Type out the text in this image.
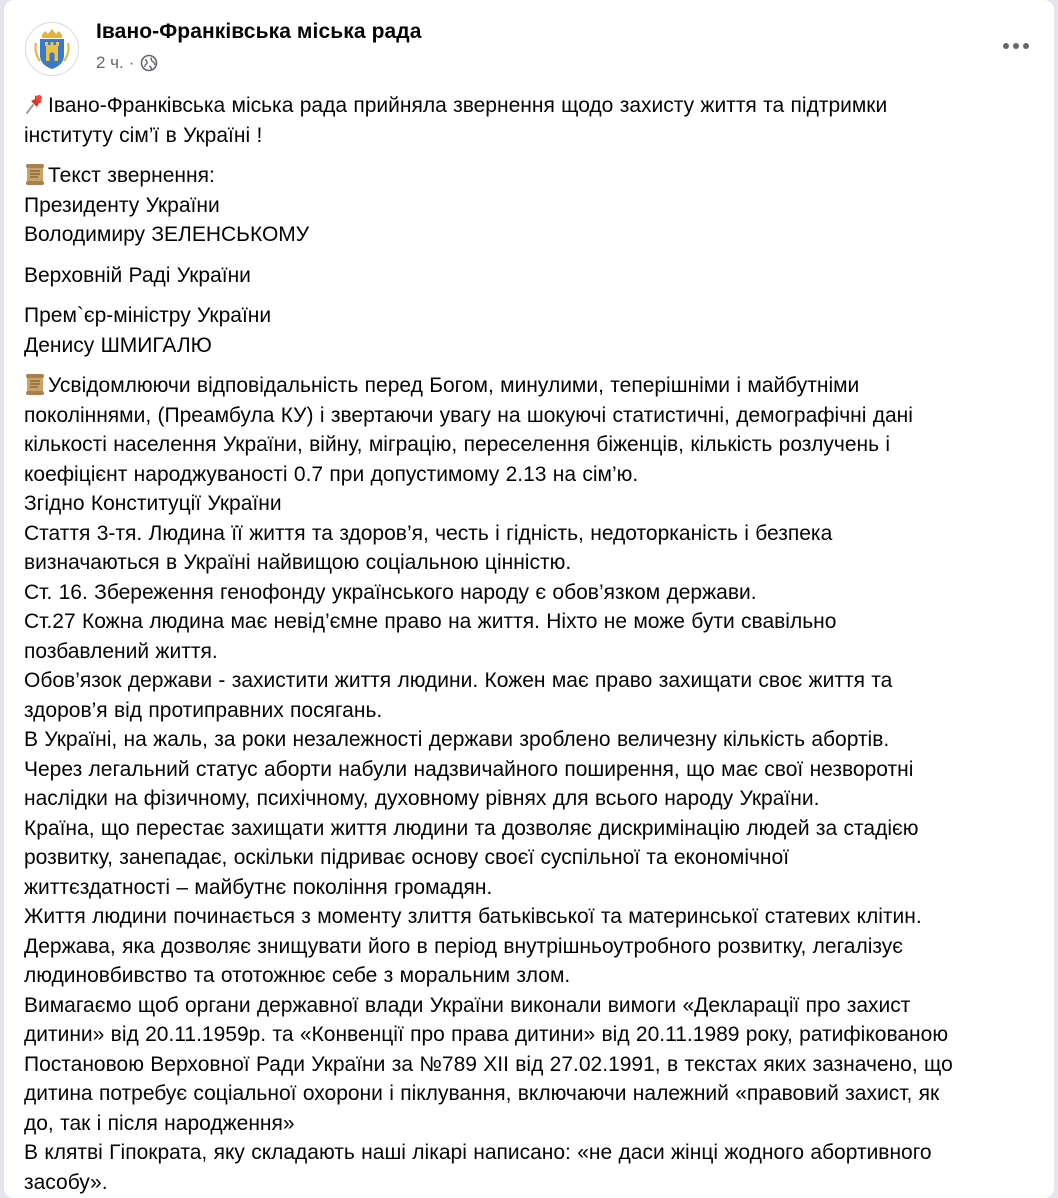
Івано-Франківська міська рада
2 ч. ·
Івано-Франківська міська рада прийняла звернення щодо захисту життя та підтримки
інституту сім’ї в Україні !
Текст звернення:
Президенту України
Володимиру ЗЕЛЕНСЬКОМУ
Верховній Раді України
Прем`єр-міністру України
Денису ШМИГАЛЮ
Усвідомлюючи відповідальність перед Богом, минулими, теперішніми і майбутніми
поколіннями, (Преамбула КУ) і звертаючи увагу на шокуючі статистичні, демографічні дані
кількості населення України, війну, міграцію, переселення біженців, кількість розлучень і
коефіцієнт народжуваності 0.7 при допустимому 2.13 на сім’ю.
Згідно Конституції України
Стаття 3-тя. Людина її життя та здоров’я, честь і гідність, недоторканість і безпека
визначаються в Україні найвищою соціальною цінністю.
Ст. 16. Збереження генофонду українського народу є обов’язком держави.
Ст.27 Кожна людина має невід’ємне право на життя. Ніхто не може бути свавільно
позбавлений життя.
Обов’язок держави - захистити життя людини. Кожен має право захищати своє життя та
здоров’я від протиправних посягань.
В Україні, на жаль, за роки незалежності держави зроблено величезну кількість абортів.
Через легальний статус аборти набули надзвичайного поширення, що має свої незворотні
наслідки на фізичному, психічному, духовному рівнях для всього народу України.
Країна, що перестає захищати життя людини та дозволяє дискримінацію людей за стадією
розвитку, занепадає, оскільки підриває основу своєї суспільної та економічної
життєздатності – майбутнє покоління громадян.
Життя людини починається з моменту злиття батьківської та материнської статевих клітин.
Держава, яка дозволяє знищувати його в період внутрішньоутробного розвитку, легалізує
людиновбивство та ототожнює себе з моральним злом.
Вимагаємо щоб органи державної влади України виконали вимоги «Декларації про захист
дитини» від 20.11.1959р. та «Конвенції про права дитини» від 20.11.1989 року, ратифікованою
Постановою Верховної Ради України за №789 XII від 27.02.1991, в текстах яких зазначено, що
дитина потребує соціальної охорони і піклування, включаючи належний «правовий захист, як
до, так і після народження»
В клятві Гіпократа, яку складають наші лікарі написано: «не даси жінці жодного абортивного
засобу».
